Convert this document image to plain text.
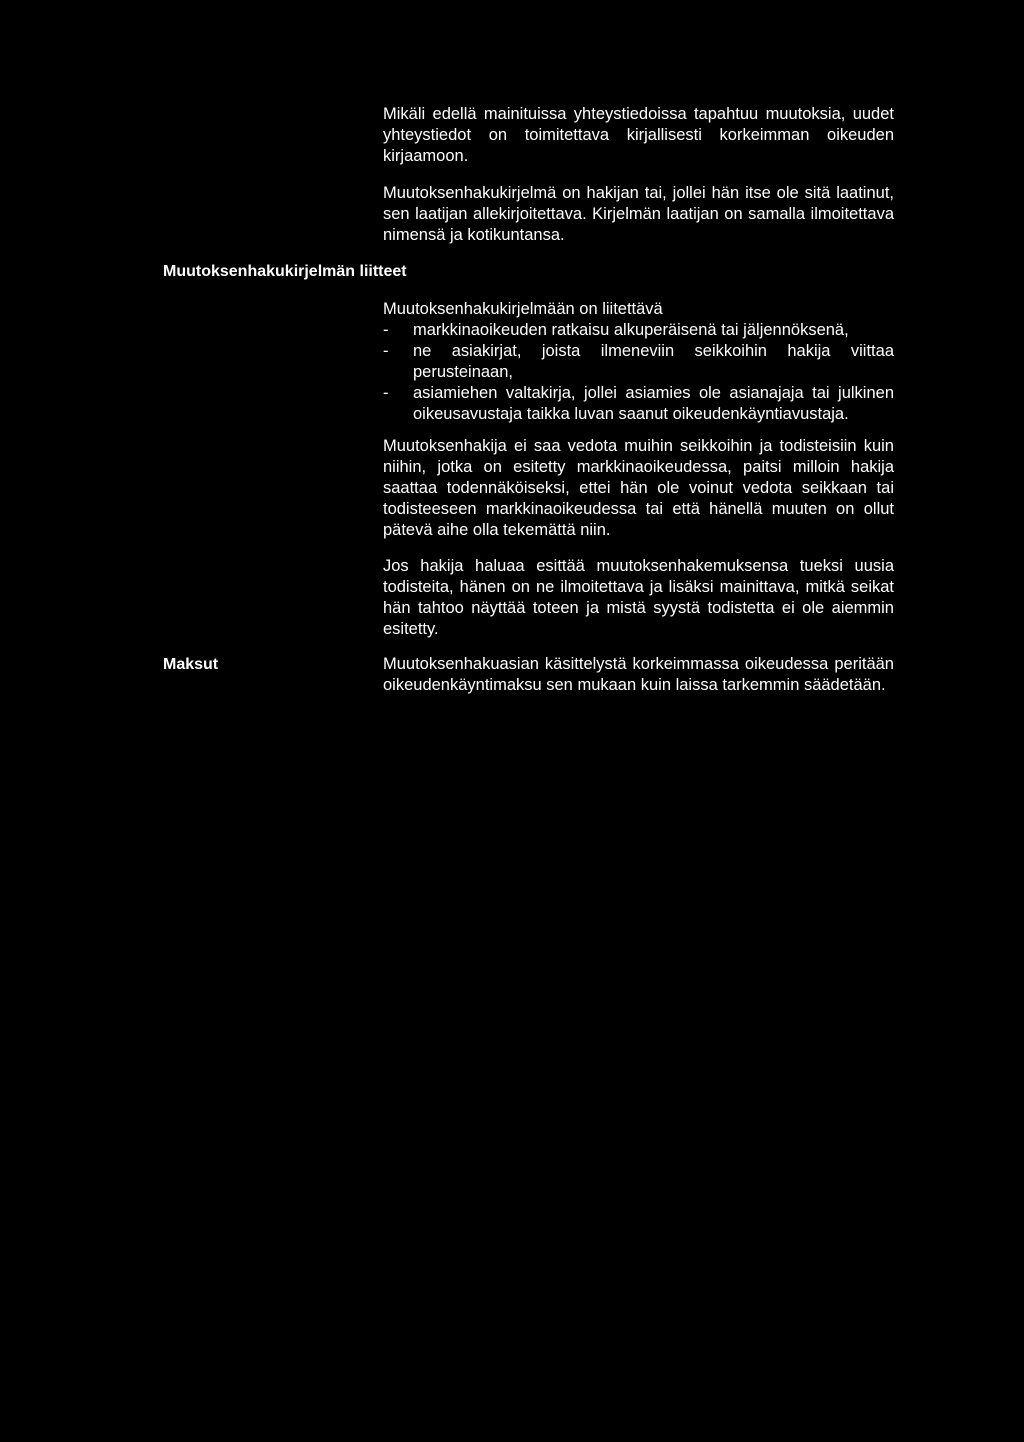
Mikäli edellä mainituissa yhteystiedoissa tapahtuu muutoksia, uudet yhteystiedot on toimitettava kirjallisesti korkeimman oikeuden kirjaamoon.

Muutoksenhakukirjelmä on hakijan tai, jollei hän itse ole sitä laatinut, sen laatijan allekirjoitettava. Kirjelmän laatijan on samalla ilmoitettava nimensä ja kotikuntansa.

Muutoksenhakukirjelmän liitteet

Muutoksenhakukirjelmään on liitettävä

- markkinaoikeuden ratkaisu alkuperäisenä tai jäljennöksenä,
- ne asiakirjat, joista ilmeneviin seikkoihin hakija viittaa perusteinaan,
- asiamiehen valtakirja, jollei asiamies ole asianajaja tai julkinen oikeusavustaja taikka luvan saanut oikeudenkäyntiavustaja.

Muutoksenhakija ei saa vedota muihin seikkoihin ja todisteisiin kuin niihin, jotka on esitetty markkinaoikeudessa, paitsi milloin hakija saattaa todennäköiseksi, ettei hän ole voinut vedota seikkaan tai todisteeseen markkinaoikeudessa tai että hänellä muuten on ollut pätevä aihe olla tekemättä niin.

Jos hakija haluaa esittää muutoksenhakemuksensa tueksi uusia todisteita, hänen on ne ilmoitettava ja lisäksi mainittava, mitkä seikat hän tahtoo näyttää toteen ja mistä syystä todistetta ei ole aiemmin esitetty.

Maksut	Muutoksenhakuasian käsittelystä korkeimmassa oikeudessa peritään oikeudenkäyntimaksu sen mukaan kuin laissa tarkemmin säädetään.
